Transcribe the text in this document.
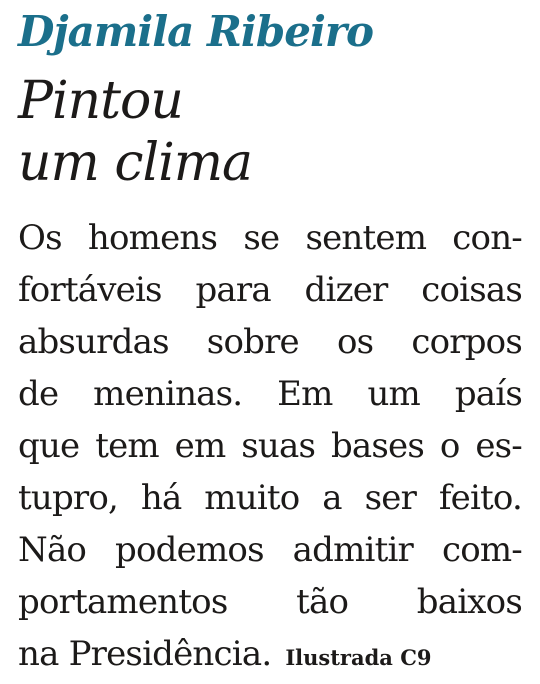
Djamila Ribeiro
Pintou
um clima
Os homens se sentem con-
fortáveis para dizer coisas
absurdas sobre os corpos
de meninas. Em um país
que tem em suas bases o es-
tupro, há muito a ser feito.
Não podemos admitir com-
portamentos tão baixos
na Presidência. Ilustrada C9
